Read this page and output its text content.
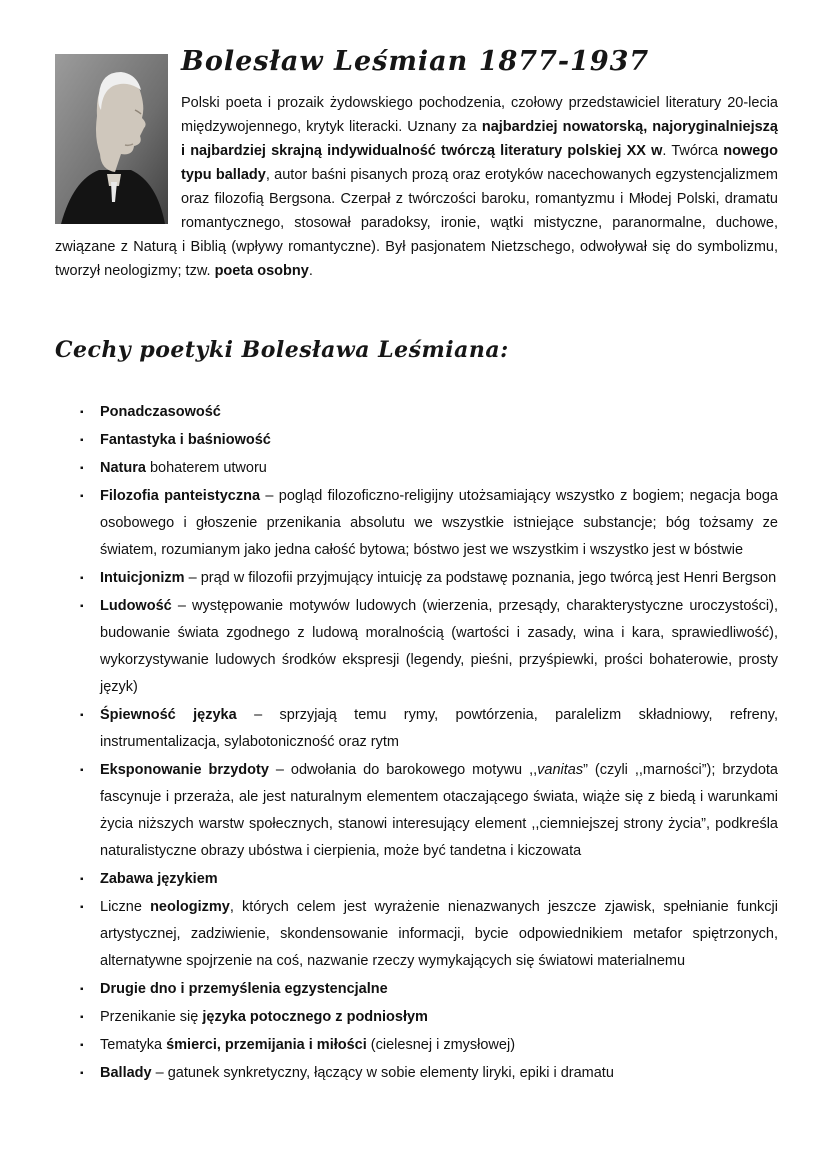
Bolesław Leśmian 1877-1937

Polski poeta i prozaik żydowskiego pochodzenia, czołowy przedstawiciel literatury 20-lecia międzywojennego, krytyk literacki. Uznany za najbardziej nowatorską, najoryginalniejszą i najbardziej skrajną indywidualność twórczą literatury polskiej XX w. Twórca nowego typu ballady, autor baśni pisanych prozą oraz erotyków nacechowanych egzystencjalizmem oraz filozofią Bergsona. Czerpał z twórczości baroku, romantyzmu i Młodej Polski, dramatu romantycznego, stosował paradoksy, ironie, wątki mistyczne, paranormalne, duchowe, związane z Naturą i Biblią (wpływy romantyczne). Był pasjonatem Nietzschego, odwoływał się do symbolizmu, tworzył neologizmy; tzw. poeta osobny.

Cechy poetyki Bolesława Leśmiana:
▪ Ponadczasowość
▪ Fantastyka i baśniowość
▪ Natura bohaterem utworu
▪ Filozofia panteistyczna – pogląd filozoficzno-religijny utożsamiający wszystko z bogiem; negacja boga osobowego i głoszenie przenikania absolutu we wszystkie istniejące substancje; bóg tożsamy ze światem, rozumianym jako jedna całość bytowa; bóstwo jest we wszystkim i wszystko jest w bóstwie
▪ Intuicjonizm – prąd w filozofii przyjmujący intuicję za podstawę poznania, jego twórcą jest Henri Bergson
▪ Ludowość – występowanie motywów ludowych (wierzenia, przesądy, charakterystyczne uroczystości), budowanie świata zgodnego z ludową moralnością (wartości i zasady, wina i kara, sprawiedliwość), wykorzystywanie ludowych środków ekspresji (legendy, pieśni, przyśpiewki, prości bohaterowie, prosty język)
▪ Śpiewność języka – sprzyjają temu rymy, powtórzenia, paralelizm składniowy, refreny, instrumentalizacja, sylabotoniczność oraz rytm
▪ Eksponowanie brzydoty – odwołania do barokowego motywu ,,vanitas” (czyli ,,marności”); brzydota fascynuje i przeraża, ale jest naturalnym elementem otaczającego świata, wiąże się z biedą i warunkami życia niższych warstw społecznych, stanowi interesujący element ,,ciemniejszej strony życia”, podkreśla naturalistyczne obrazy ubóstwa i cierpienia, może być tandetna i kiczowata
▪ Zabawa językiem
▪ Liczne neologizmy, których celem jest wyrażenie nienazwanych jeszcze zjawisk, spełnianie funkcji artystycznej, zadziwienie, skondensowanie informacji, bycie odpowiednikiem metafor spiętrzonych, alternatywne spojrzenie na coś, nazwanie rzeczy wymykających się światowi materialnemu
▪ Drugie dno i przemyślenia egzystencjalne
▪ Przenikanie się języka potocznego z podniosłym
▪ Tematyka śmierci, przemijania i miłości (cielesnej i zmysłowej)
▪ Ballady – gatunek synkretyczny, łączący w sobie elementy liryki, epiki i dramatu
